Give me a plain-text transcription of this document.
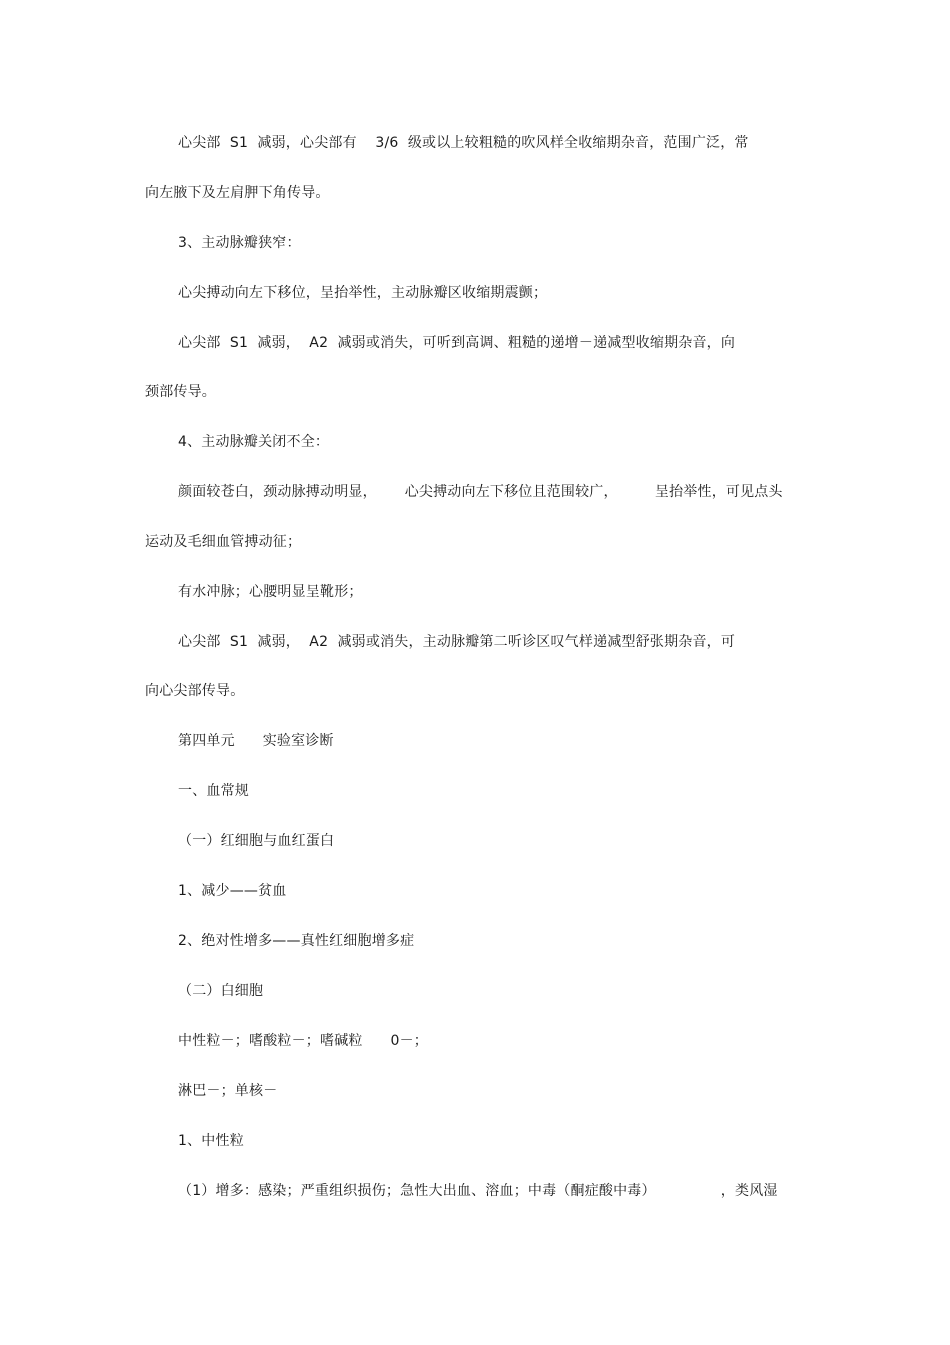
心尖部  S1  减弱，心尖部有    3/6  级或以上较粗糙的吹风样全收缩期杂音，范围广泛，常
向左腋下及左肩胛下角传导。
3、主动脉瓣狭窄：
心尖搏动向左下移位，呈抬举性，主动脉瓣区收缩期震颤；
心尖部  S1  减弱，  A2  减弱或消失，可听到高调、粗糙的递增－递减型收缩期杂音，向
颈部传导。
4、主动脉瓣关闭不全：
颜面较苍白，颈动脉搏动明显，      心尖搏动向左下移位且范围较广，        呈抬举性，可见点头
运动及毛细血管搏动征；
有水冲脉；心腰明显呈靴形；
心尖部  S1  减弱，  A2  减弱或消失，主动脉瓣第二听诊区叹气样递减型舒张期杂音，可
向心尖部传导。
第四单元      实验室诊断
一、血常规
（一）红细胞与血红蛋白
1、减少——贫血
2、绝对性增多——真性红细胞增多症
（二）白细胞
中性粒－；嗜酸粒－；嗜碱粒      0－；
淋巴－；单核－
1、中性粒
（1）增多：感染；严重组织损伤；急性大出血、溶血；中毒（酮症酸中毒）              ，类风湿
